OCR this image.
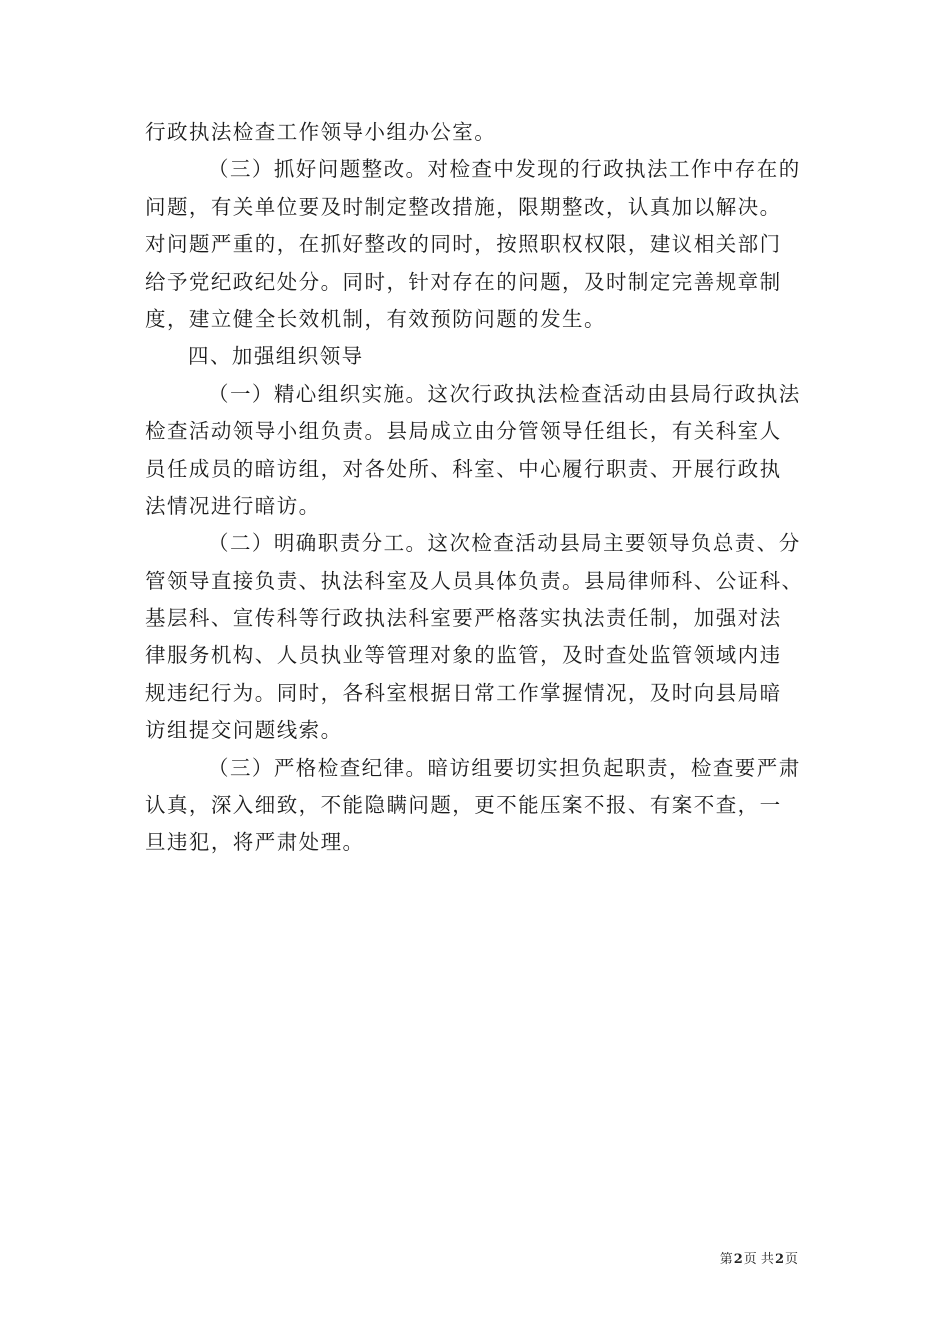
行政执法检查工作领导小组办公室。
（三）抓好问题整改。对检查中发现的行政执法工作中存在的
问题，有关单位要及时制定整改措施，限期整改，认真加以解决。
对问题严重的，在抓好整改的同时，按照职权权限，建议相关部门
给予党纪政纪处分。同时，针对存在的问题，及时制定完善规章制
度，建立健全长效机制，有效预防问题的发生。
四、加强组织领导
（一）精心组织实施。这次行政执法检查活动由县局行政执法
检查活动领导小组负责。县局成立由分管领导任组长，有关科室人
员任成员的暗访组，对各处所、科室、中心履行职责、开展行政执
法情况进行暗访。
（二）明确职责分工。这次检查活动县局主要领导负总责、分
管领导直接负责、执法科室及人员具体负责。县局律师科、公证科、
基层科、宣传科等行政执法科室要严格落实执法责任制，加强对法
律服务机构、人员执业等管理对象的监管，及时查处监管领域内违
规违纪行为。同时，各科室根据日常工作掌握情况，及时向县局暗
访组提交问题线索。
（三）严格检查纪律。暗访组要切实担负起职责，检查要严肃
认真，深入细致，不能隐瞒问题，更不能压案不报、有案不查，一
旦违犯，将严肃处理。
第2页 共2页
